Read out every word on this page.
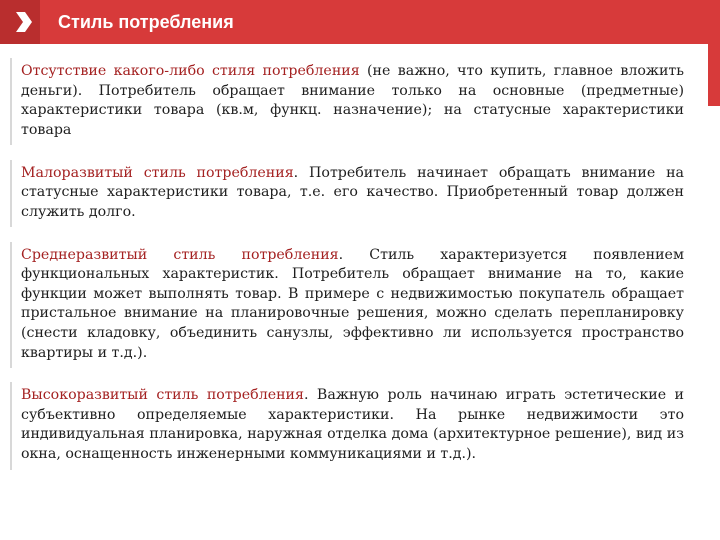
Стиль потребления

Отсутствие какого-либо стиля потребления (не важно, что купить, главное вложить деньги). Потребитель обращает внимание только на основные (предметные) характеристики товара (кв.м, функц. назначение); на статусные характеристики товара

Малоразвитый стиль потребления. Потребитель начинает обращать внимание на статусные характеристики товара, т.е. его качество. Приобретенный товар должен служить долго.

Среднеразвитый стиль потребления. Стиль характеризуется появлением функциональных характеристик. Потребитель обращает внимание на то, какие функции может выполнять товар. В примере с недвижимостью покупатель обращает пристальное внимание на планировочные решения, можно сделать перепланировку (снести кладовку, объединить санузлы, эффективно ли используется пространство квартиры и т.д.).

Высокоразвитый стиль потребления. Важную роль начинаю играть эстетические и субъективно определяемые характеристики. На рынке недвижимости это индивидуальная планировка, наружная отделка дома (архитектурное решение), вид из окна, оснащенность инженерными коммуникациями и т.д.).
